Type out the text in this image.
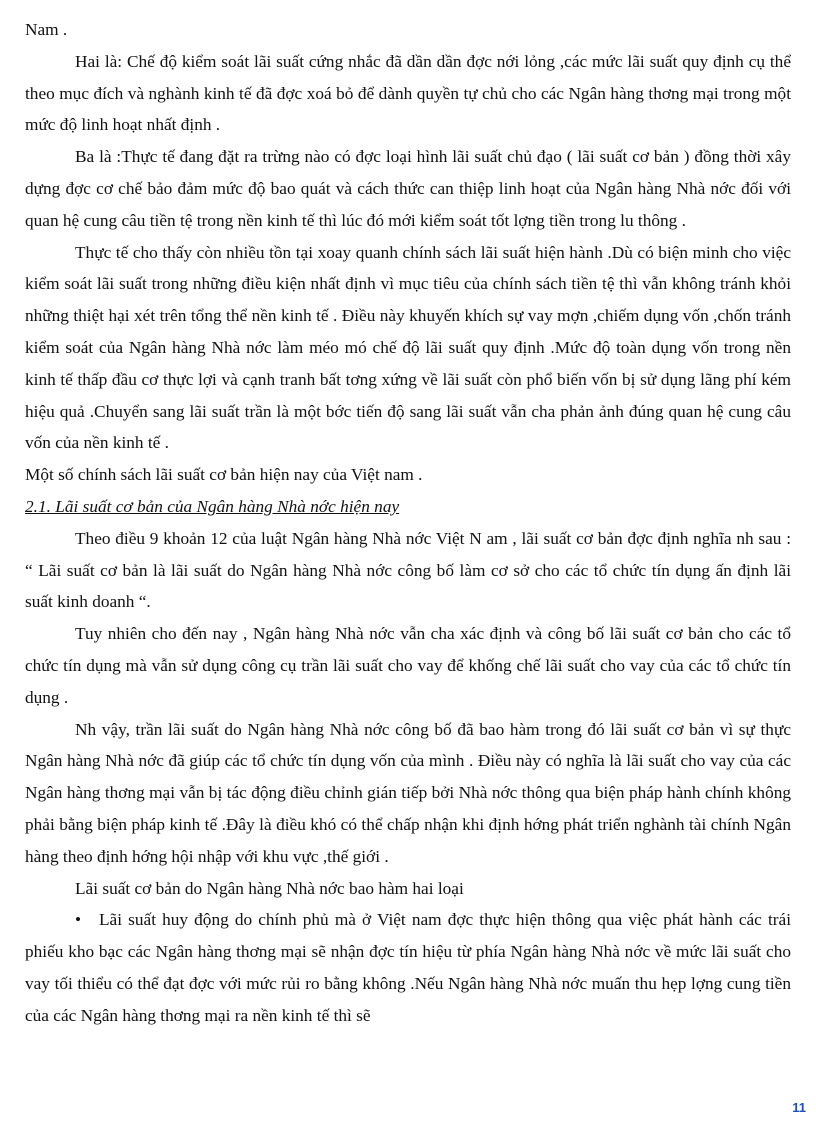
Nam .

Hai là: Chế độ kiểm soát lãi suất cứng nhắc đã dần dần đợc nới lỏng ,các mức lãi suất quy định cụ thể theo mục đích và nghành kinh tế đã đợc xoá bỏ để dành quyền tự chủ cho các Ngân hàng thơng mại trong một mức độ linh hoạt nhất định .

Ba là :Thực tế đang đặt ra trừng nào có đợc loại hình lãi suất chủ đạo ( lãi suất cơ bản ) đồng thời xây dựng đợc cơ chế bảo đảm mức độ bao quát và cách thức can thiệp linh hoạt của Ngân hàng Nhà nớc đối với quan hệ cung câu tiền tệ trong nền kinh tế thì lúc đó mới kiểm soát tốt lợng tiền trong lu thông .

Thực tế cho thấy còn nhiều tồn tại xoay quanh chính sách lãi suất hiện hành .Dù có biện minh cho việc kiểm soát lãi suất trong những điều kiện nhất định vì mục tiêu của chính sách tiền tệ thì vẫn không tránh khỏi những thiệt hại xét trên tổng thể nền kinh tế . Điều này khuyến khích sự vay mợn ,chiếm dụng vốn ,chốn tránh kiểm soát của Ngân hàng Nhà nớc làm méo mó chế độ lãi suất quy định .Mức độ toàn dụng vốn trong nền kinh tế thấp đầu cơ thực lợi và cạnh tranh bất tơng xứng về lãi suất còn phổ biến vốn bị sử dụng lãng phí kém hiệu quả .Chuyển sang lãi suất trần là một bớc tiến độ sang lãi suất vẫn cha phản ảnh đúng quan hệ cung câu vốn của nền kinh tế .

Một số chính sách lãi suất cơ bản hiện nay của Việt nam .

2.1. Lãi suất cơ bản của Ngân hàng Nhà nớc hiện nay

Theo điều 9 khoản 12 của luật Ngân hàng Nhà nớc Việt N am , lãi suất cơ bản đợc định nghĩa nh sau : “ Lãi suất cơ bản là lãi suất do Ngân hàng Nhà nớc công bố làm cơ sở cho các tổ chức tín dụng ấn định lãi suất kinh doanh “.

Tuy nhiên cho đến nay , Ngân hàng Nhà nớc vẫn cha xác định và công bố lãi suất cơ bản cho các tổ chức tín dụng mà vẫn sử dụng công cụ trần lãi suất cho vay để khống chế lãi suất cho vay của các tổ chức tín dụng .

Nh vậy, trần lãi suất do Ngân hàng Nhà nớc công bố đã bao hàm trong đó lãi suất cơ bản vì sự thực Ngân hàng Nhà nớc đã giúp các tổ chức tín dụng vốn của mình . Điều này có nghĩa là lãi suất cho vay của các Ngân hàng thơng mại vẫn bị tác động điều chỉnh gián tiếp bởi Nhà nớc thông qua biện pháp hành chính không phải bằng biện pháp kinh tế .Đây là điều khó có thể chấp nhận khi định hớng phát triển nghành tài chính Ngân hàng theo định hớng hội nhập với khu vực ,thế giới .

Lãi suất cơ bản do Ngân hàng Nhà nớc bao hàm hai loại

• Lãi suất huy động do chính phủ mà ở Việt nam đợc thực hiện thông qua việc phát hành các trái phiếu kho bạc các Ngân hàng thơng mại sẽ nhận đợc tín hiệu từ phía Ngân hàng Nhà nớc về mức lãi suất cho vay tối thiểu có thể đạt đợc với mức rủi ro bằng không .Nếu Ngân hàng Nhà nớc muấn thu hẹp lợng cung tiền của các Ngân hàng thơng mại ra nền kinh tế thì sẽ

11
